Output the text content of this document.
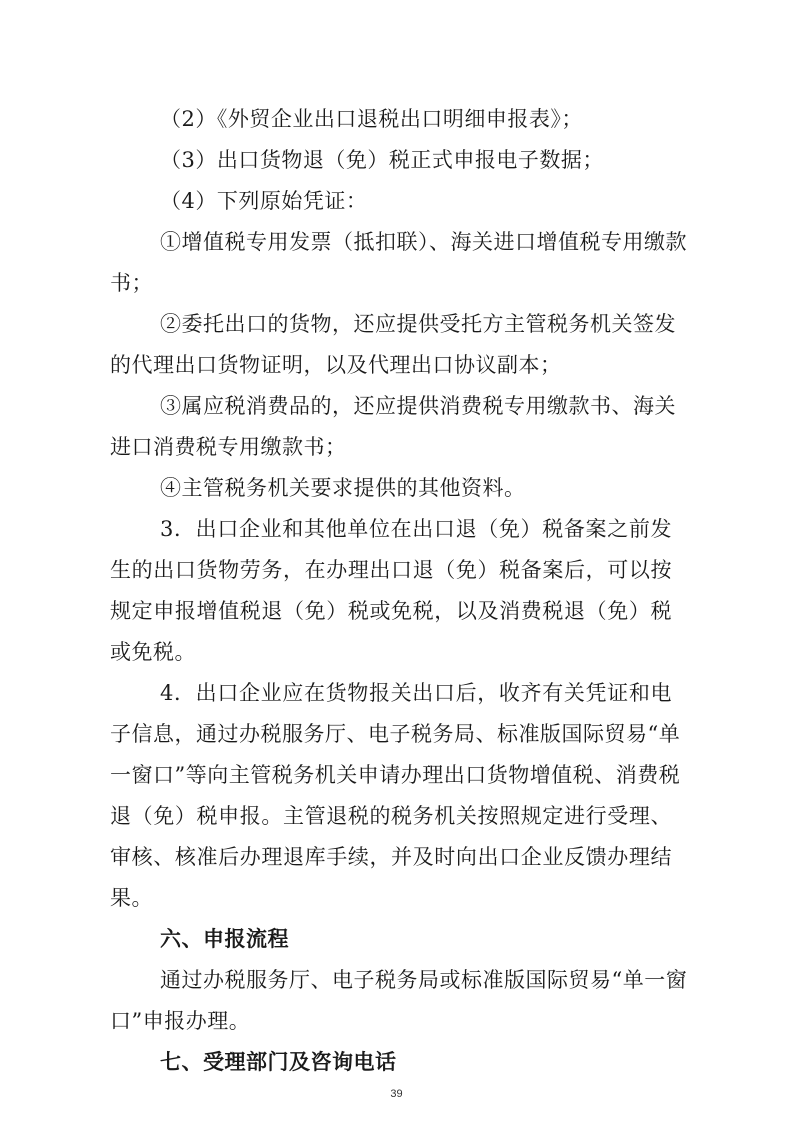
（2）《外贸企业出口退税出口明细申报表》；
（3）出口货物退（免）税正式申报电子数据；
（4）下列原始凭证：
①增值税专用发票（抵扣联）、海关进口增值税专用缴款
书；
②委托出口的货物，还应提供受托方主管税务机关签发
的代理出口货物证明，以及代理出口协议副本；
③属应税消费品的，还应提供消费税专用缴款书、海关
进口消费税专用缴款书；
④主管税务机关要求提供的其他资料。
3．出口企业和其他单位在出口退（免）税备案之前发
生的出口货物劳务，在办理出口退（免）税备案后，可以按
规定申报增值税退（免）税或免税，以及消费税退（免）税
或免税。
4．出口企业应在货物报关出口后，收齐有关凭证和电
子信息，通过办税服务厅、电子税务局、标准版国际贸易“单
一窗口”等向主管税务机关申请办理出口货物增值税、消费税
退（免）税申报。主管退税的税务机关按照规定进行受理、
审核、核准后办理退库手续，并及时向出口企业反馈办理结
果。
六、申报流程
通过办税服务厅、电子税务局或标准版国际贸易“单一窗
口”申报办理。
七、受理部门及咨询电话
39
